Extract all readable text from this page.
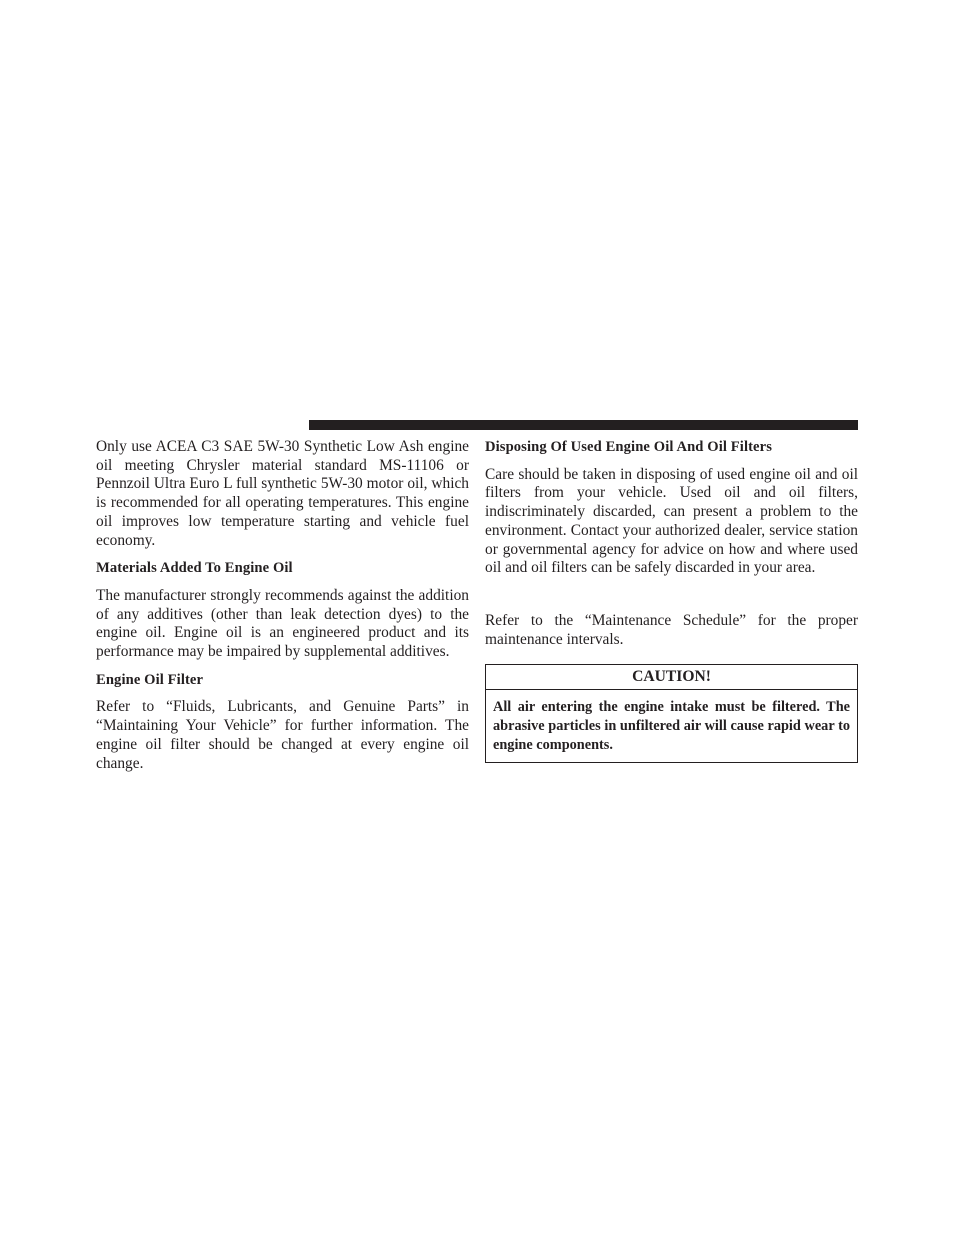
Only use ACEA C3 SAE 5W-30 Synthetic Low Ash engine oil meeting Chrysler material standard MS-11106 or Pennzoil Ultra Euro L full synthetic 5W-30 motor oil, which is recommended for all operating temperatures. This engine oil improves low temperature starting and vehicle fuel economy.

Materials Added To Engine Oil

The manufacturer strongly recommends against the addition of any additives (other than leak detection dyes) to the engine oil. Engine oil is an engineered product and its performance may be impaired by supplemental additives.

Engine Oil Filter

Refer to “Fluids, Lubricants, and Genuine Parts” in “Maintaining Your Vehicle” for further information. The engine oil filter should be changed at every engine oil change.

Disposing Of Used Engine Oil And Oil Filters

Care should be taken in disposing of used engine oil and oil filters from your vehicle. Used oil and oil filters, indiscriminately discarded, can present a problem to the environment. Contact your authorized dealer, service station or governmental agency for advice on how and where used oil and oil filters can be safely discarded in your area.

Refer to the “Maintenance Schedule” for the proper maintenance intervals.

CAUTION!
All air entering the engine intake must be filtered. The abrasive particles in unfiltered air will cause rapid wear to engine components.
